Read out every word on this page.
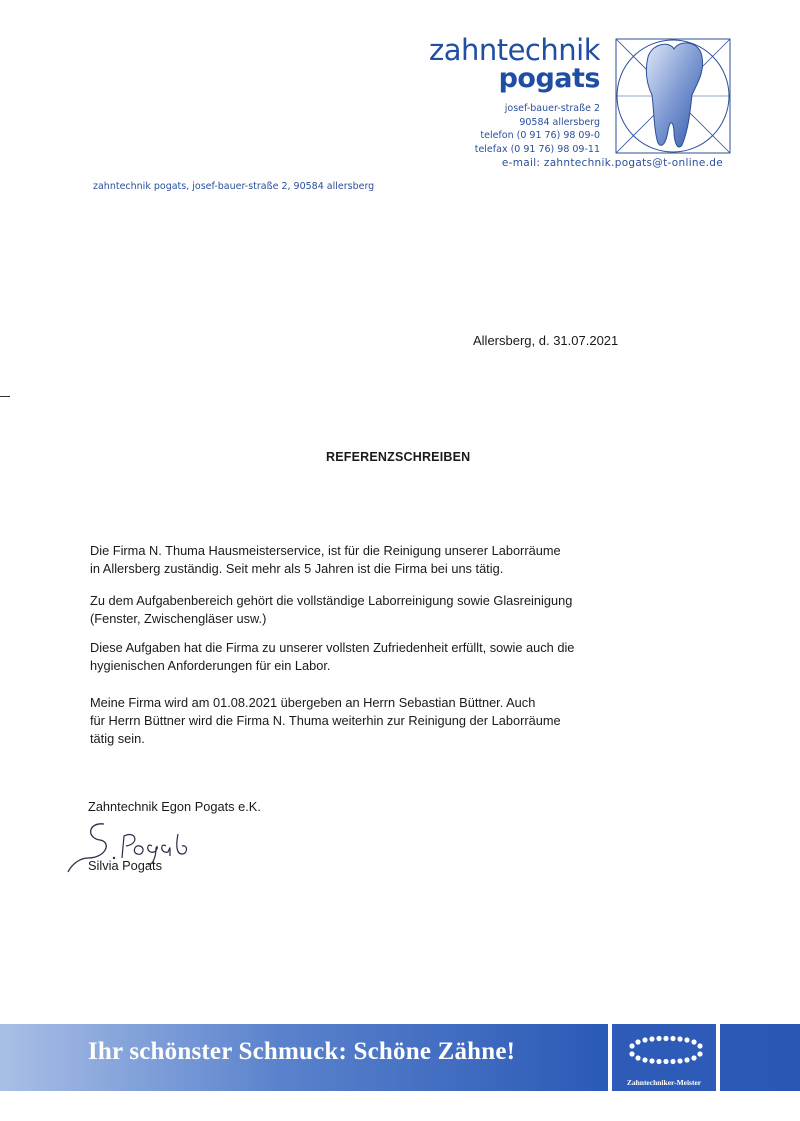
zahntechnik
pogats
josef-bauer-straße 2
90584 allersberg
telefon (0 91 76) 98 09-0
telefax (0 91 76) 98 09-11
e-mail: zahntechnik.pogats@t-online.de
zahntechnik pogats, josef-bauer-straße 2, 90584 allersberg
Allersberg, d. 31.07.2021
REFERENZSCHREIBEN
Die Firma N. Thuma Hausmeisterservice, ist für die Reinigung unserer Laborräume
in Allersberg zuständig. Seit mehr als 5 Jahren ist die Firma bei uns tätig.
Zu dem Aufgabenbereich gehört die vollständige Laborreinigung sowie Glasreinigung
(Fenster, Zwischengläser usw.)
Diese Aufgaben hat die Firma zu unserer vollsten Zufriedenheit erfüllt, sowie auch die
hygienischen Anforderungen für ein Labor.
Meine Firma wird am 01.08.2021 übergeben an Herrn Sebastian Büttner. Auch
für Herrn Büttner wird die Firma N. Thuma weiterhin zur Reinigung der Laborräume
tätig sein.
Zahntechnik Egon Pogats e.K.
Silvia Pogats
Ihr schönster Schmuck: Schöne Zähne!
Zahntechniker-Meister
